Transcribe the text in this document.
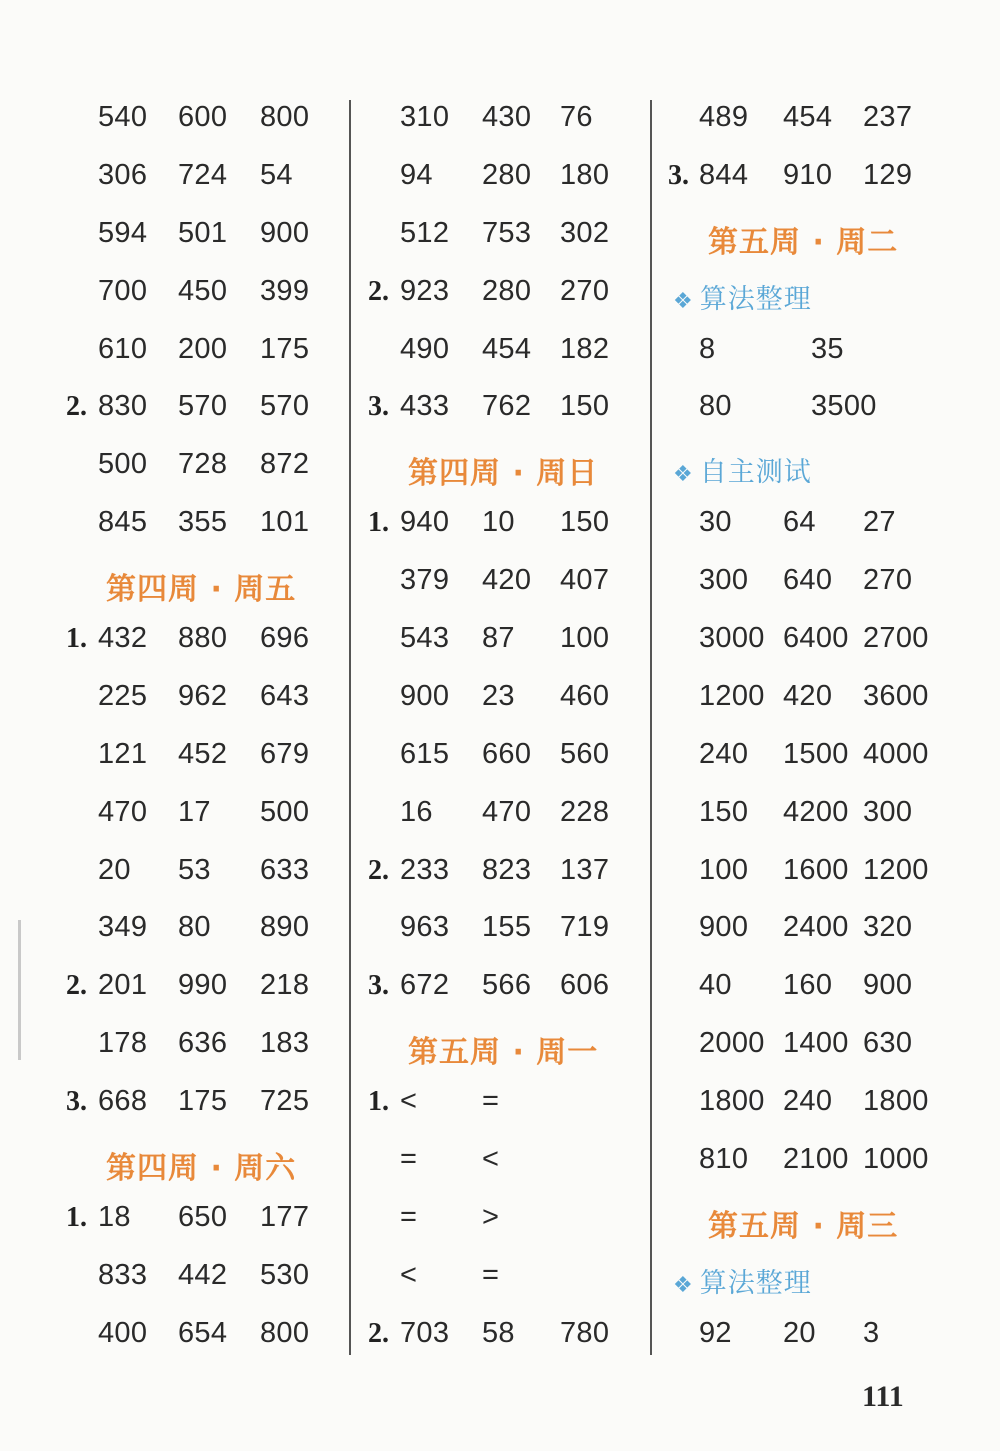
540 600 800
306 724 54
594 501 900
700 450 399
610 200 175
2. 830 570 570
500 728 872
845 355 101
第四周 · 周五
1. 432 880 696
225 962 643
121 452 679
470 17 500
20 53 633
349 80 890
2. 201 990 218
178 636 183
3. 668 175 725
第四周 · 周六
1. 18 650 177
833 442 530
400 654 800
310 430 76
94 280 180
512 753 302
2. 923 280 270
490 454 182
3. 433 762 150
第四周 · 周日
1. 940 10 150
379 420 407
543 87 100
900 23 460
615 660 560
16 470 228
2. 233 823 137
963 155 719
3. 672 566 606
第五周 · 周一
1. < =
= <
= >
< =
2. 703 58 780
489 454 237
3. 844 910 129
第五周 · 周二
❖ 算法整理
8	35
80	3500
❖ 自主测试
30 64 27
300 640 270
3000 6400 2700
1200 420 3600
240 1500 4000
150 4200 300
100 1600 1200
900 2400 320
40 160 900
2000 1400 630
1800 240 1800
810 2100 1000
第五周 · 周三
❖ 算法整理
92 20 3
111
